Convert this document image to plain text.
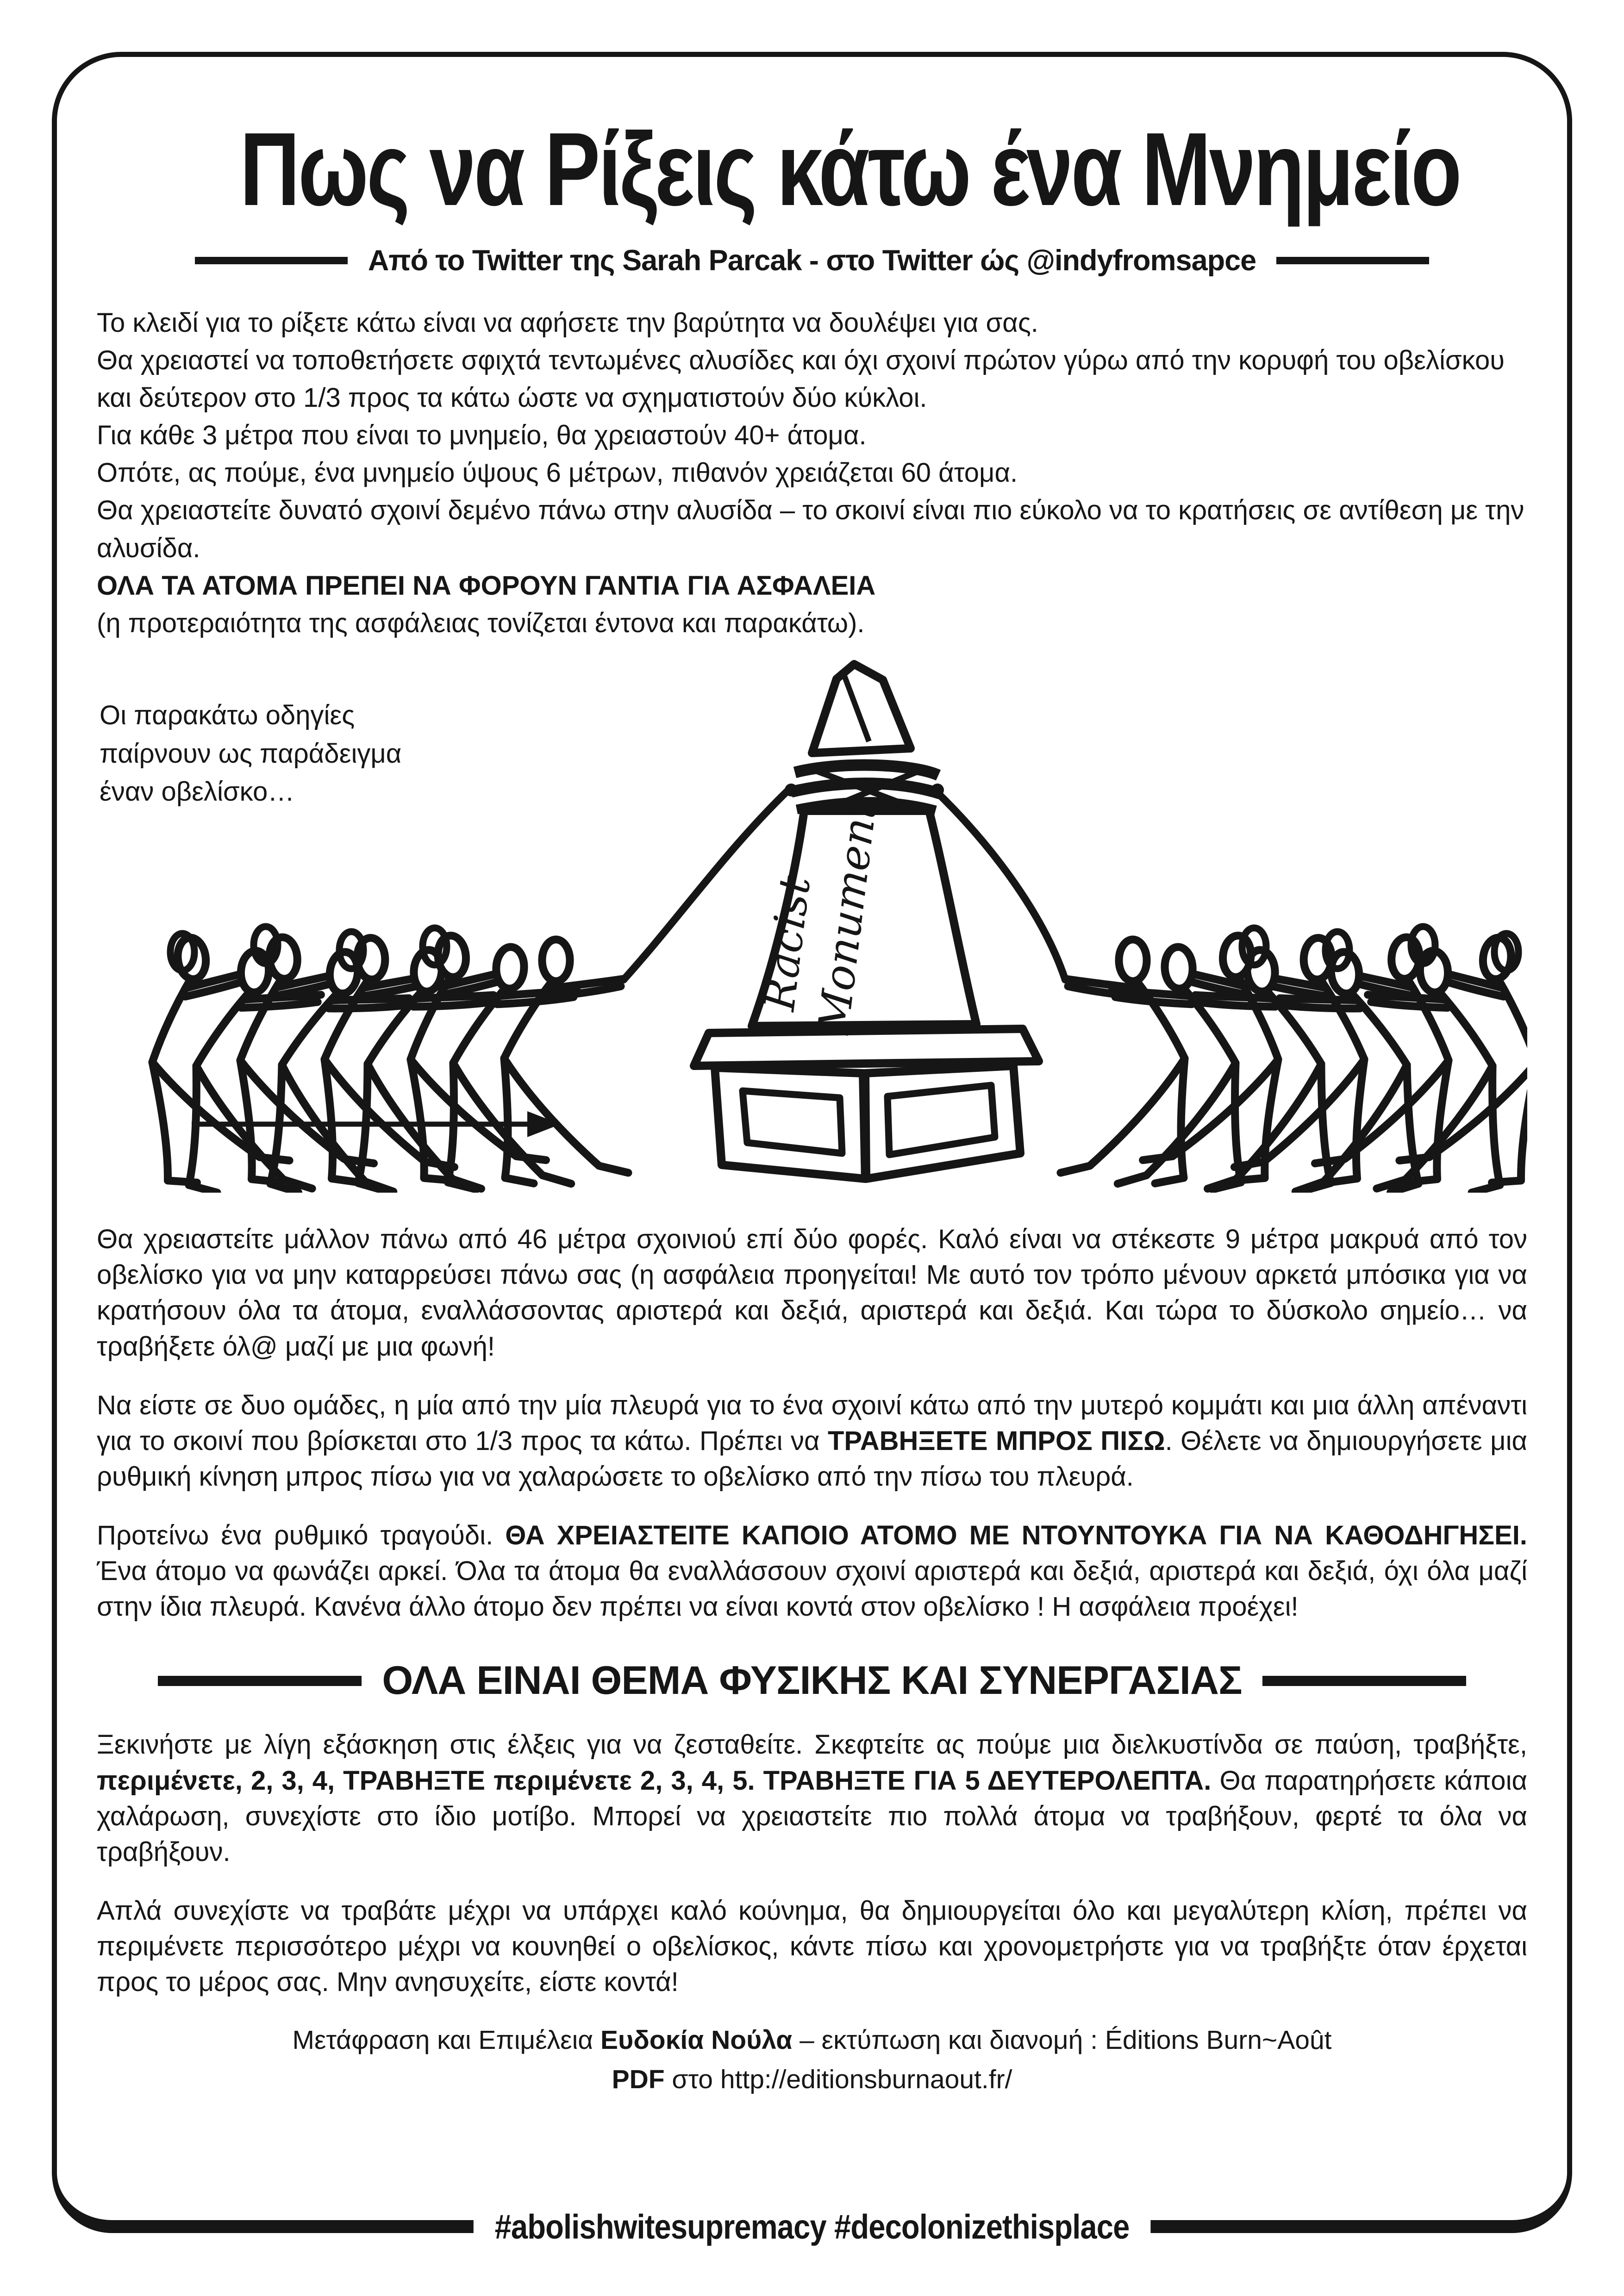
Πως να Ρίξεις κάτω ένα Μνημείο
Από το Twitter της Sarah Parcak - στο Twitter ώς @indyfromsapce

Το κλειδί για το ρίξετε κάτω είναι να αφήσετε την βαρύτητα να δουλέψει για σας.

Θα χρειαστεί να τοποθετήσετε σφιχτά τεντωμένες αλυσίδες και όχι σχοινί πρώτον γύρω από την κορυφή του οβελίσκου και δεύτερον στο 1/3 προς τα κάτω ώστε να σχηματιστούν δύο κύκλοι.

Για κάθε 3 μέτρα που είναι το μνημείο, θα χρειαστούν 40+ άτομα.

Οπότε, ας πούμε, ένα μνημείο ύψους 6 μέτρων, πιθανόν χρειάζεται 60 άτομα.

Θα χρειαστείτε δυνατό σχοινί δεμένο πάνω στην αλυσίδα – το σκοινί είναι πιο εύκολο να το κρατήσεις σε αντίθεση με την αλυσίδα.

ΟΛΑ ΤΑ ΑΤΟΜΑ ΠΡΕΠΕΙ ΝΑ ΦΟΡΟΥΝ ΓΑΝΤΙΑ ΓΙΑ ΑΣΦΑΛΕΙΑ

(η προτεραιότητα της ασφάλειας τονίζεται έντονα και παρακάτω).

Οι παρακάτω οδηγίες
παίρνουν ως παράδειγμα
έναν οβελίσκο…
Racist
Monument

Θα χρειαστείτε μάλλον πάνω από 46 μέτρα σχοινιού επί δύο φορές. Καλό είναι να στέκεστε 9 μέτρα μακρυά από τον οβελίσκο για να μην καταρρεύσει πάνω σας (η ασφάλεια προηγείται! Με αυτό τον τρόπο μένουν αρκετά μπόσικα για να κρατήσουν όλα τα άτομα, εναλλάσσοντας αριστερά και δεξιά, αριστερά και δεξιά. Και τώρα το δύσκολο σημείο… να τραβήξετε όλ@ μαζί με μια φωνή!

Να είστε σε δυο ομάδες, η μία από την μία πλευρά για το ένα σχοινί κάτω από την μυτερό κομμάτι και μια άλλη απέναντι για το σκοινί που βρίσκεται στο 1/3 προς τα κάτω. Πρέπει να ΤΡΑΒΗΞΕΤΕ ΜΠΡΟΣ ΠΙΣΩ. Θέλετε να δημιουργήσετε μια ρυθμική κίνηση μπρος πίσω για να χαλαρώσετε το οβελίσκο από την πίσω του πλευρά.

Προτείνω ένα ρυθμικό τραγούδι. ΘΑ ΧΡΕΙΑΣΤΕΙΤΕ ΚΑΠΟΙΟ ΑΤΟΜΟ ΜΕ ΝΤΟΥΝΤΟΥΚΑ ΓΙΑ ΝΑ ΚΑΘΟΔΗΓΗΣΕΙ. Ένα άτομο να φωνάζει αρκεί. Όλα τα άτομα θα εναλλάσσουν σχοινί αριστερά και δεξιά, αριστερά και δεξιά, όχι όλα μαζί στην ίδια πλευρά. Κανένα άλλο άτομο δεν πρέπει να είναι κοντά στον οβελίσκο ! Η ασφάλεια προέχει!

ΟΛΑ ΕΙΝΑΙ ΘΕΜΑ ΦΥΣΙΚΗΣ ΚΑΙ ΣΥΝΕΡΓΑΣΙΑΣ

Ξεκινήστε με λίγη εξάσκηση στις έλξεις για να ζεσταθείτε. Σκεφτείτε ας πούμε μια διελκυστίνδα σε παύση, τραβήξτε, περιμένετε, 2, 3, 4, ΤΡΑΒΗΞΤΕ περιμένετε 2, 3, 4, 5. ΤΡΑΒΗΞΤΕ ΓΙΑ 5 ΔΕΥΤΕΡΟΛΕΠΤΑ. Θα παρατηρήσετε κάποια χαλάρωση, συνεχίστε στο ίδιο μοτίβο. Μπορεί να χρειαστείτε πιο πολλά άτομα να τραβήξουν, φερτέ τα όλα να τραβήξουν.

Απλά συνεχίστε να τραβάτε μέχρι να υπάρχει καλό κούνημα, θα δημιουργείται όλο και μεγαλύτερη κλίση, πρέπει να περιμένετε περισσότερο μέχρι να κουνηθεί ο οβελίσκος, κάντε πίσω και χρονομετρήστε για να τραβήξτε όταν έρχεται προς το μέρος σας. Μην ανησυχείτε, είστε κοντά!

Μετάφραση και Επιμέλεια Ευδοκία Νούλα – εκτύπωση και διανομή : Éditions Burn~Août

PDF στο http://editionsburnaout.fr/

#abolishwitesupremacy #decolonizethisplace
